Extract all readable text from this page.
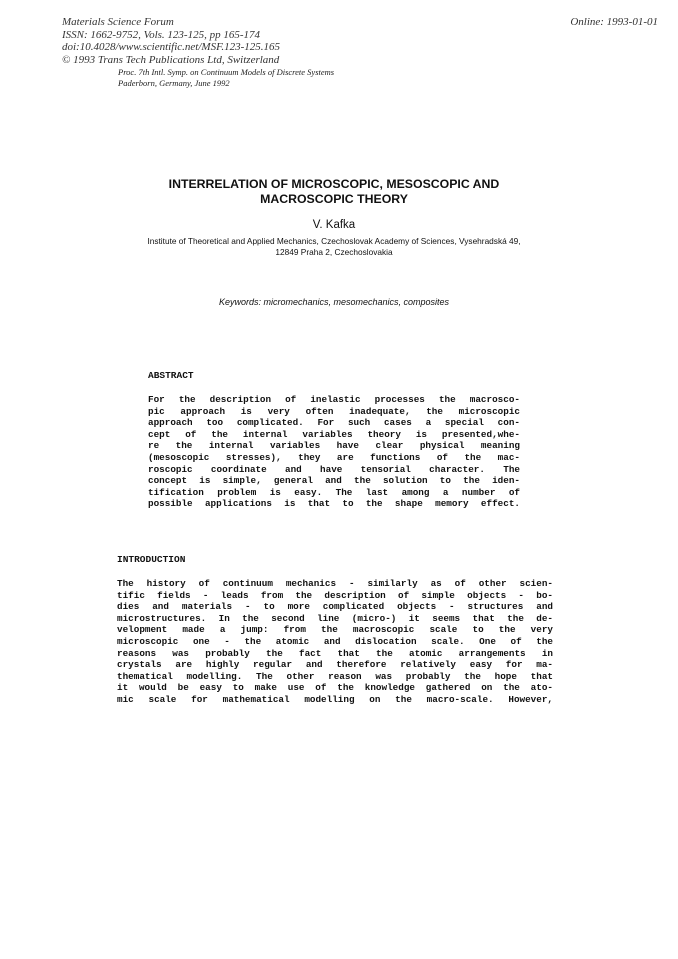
Materials Science Forum
ISSN: 1662-9752, Vols. 123-125, pp 165-174
doi:10.4028/www.scientific.net/MSF.123-125.165
© 1993 Trans Tech Publications Ltd, Switzerland
Online: 1993-01-01
Proc. 7th Intl. Symp. on Continuum Models of Discrete Systems
Paderborn, Germany, June 1992
INTERRELATION OF MICROSCOPIC, MESOSCOPIC AND
MACROSCOPIC THEORY
V. Kafka
Institute of Theoretical and Applied Mechanics, Czechoslovak Academy of Sciences, Vysehradská 49,
12849 Praha 2, Czechoslovakia
Keywords: micromechanics, mesomechanics, composites
ABSTRACT
For the description of inelastic processes the macrosco-
pic approach is very often inadequate, the microscopic
approach too complicated. For such cases a special con-
cept of the internal variables theory is presented,whe-
re the internal variables have clear physical meaning
(mesoscopic stresses), they are functions of the mac-
roscopic coordinate and have tensorial character. The
concept is simple, general and the solution to the iden-
tification problem is easy. The last among a number of
possible applications is that to the shape memory effect.
INTRODUCTION
The history of continuum mechanics - similarly as of other scien-
tific fields - leads from the description of simple objects - bo-
dies and materials - to more complicated objects - structures and
microstructures. In the second line (micro-) it seems that the de-
velopment made a jump: from the macroscopic scale to the very
microscopic one - the atomic and dislocation scale. One of the
reasons was probably the fact that the atomic arrangements in
crystals are highly regular and therefore relatively easy for ma-
thematical modelling. The other reason was probably the hope that
it would be easy to make use of the knowledge gathered on the ato-
mic scale for mathematical modelling on the macro-scale. However,
